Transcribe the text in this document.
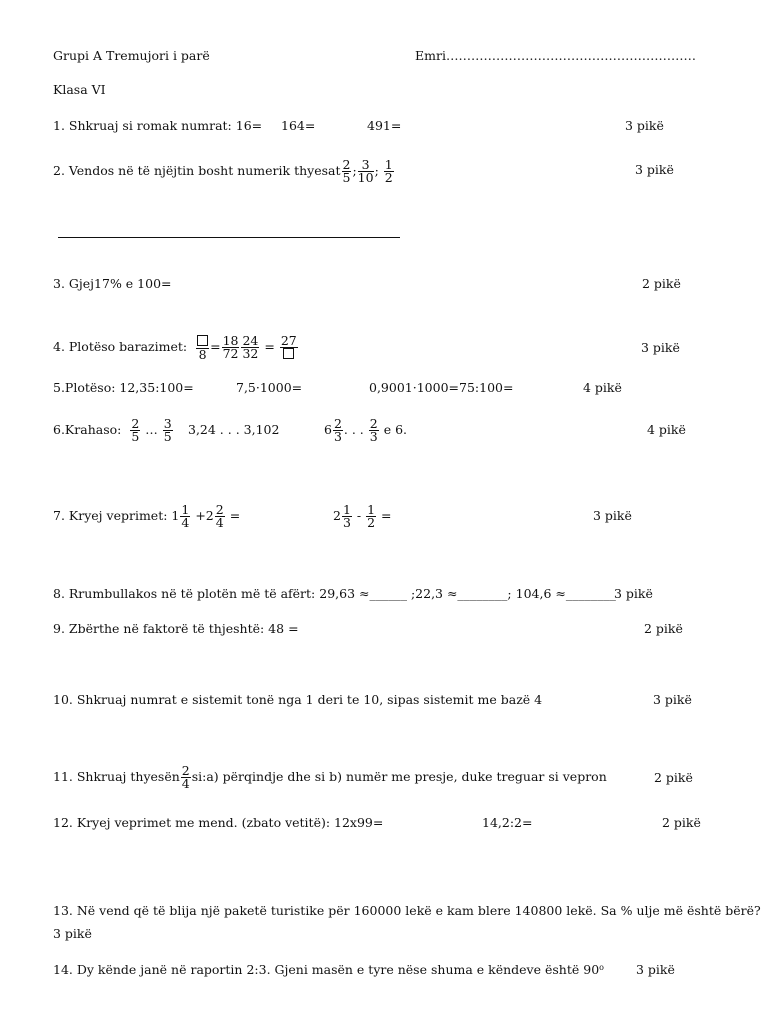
Grupi A Tremujori i parë	Emri……………………………………………………
Klasa VI
1. Shkruaj si romak numrat: 16= 164=	491=	3 pikë
2. Vendos në të njëjtin bosht numerik thyesat $\frac{2}{5}$ ; $\frac{3}{10}$ ; $\frac{1}{2}$	3 pikë
3. Gjej17% e 100=	2 pikë
4. Plotëso barazimet: $8 = \frac{18}{72} \frac{24}{32} = 27$	3 pikë
5.Plotëso: 12,35:100=	7,5·1000=	0,9001·1000=75:100=	4 pikë
6.Krahaso: $\frac{2}{5}$ … $\frac{3}{5} 3,24$ . . . 3,102	$6 \frac{2}{3}$ . . . $\frac{2}{3}$ e 6.	4 pikë
7. Kryej veprimet: $1 \frac{1}{4} +2 \frac{2}{4}$ =	$2 \frac{1}{3} - \frac{1}{2}$ =	3 pikë
8. Rrumbullakos në të plotën më të afërt: 29,63 ≈______ ;22,3 ≈________; 104,6 ≈________
3 pikë
9. Zbërthe në faktorë të thjeshtë: 48 =	2 pikë
10. Shkruaj numrat e sistemit tonë nga 1 deri te 10, sipas sistemit me bazë 4	3 pikë
11. Shkruaj thyesën $\frac{2}{4}$ si:a) përqindje dhe si b) numër me presje, duke treguar si vepron	2 pikë
12. Kryej veprimet me mend. (zbato vetitë): 12x99=	14,2:2=	2 pikë
13. Në vend që të blija një paketë turistike për 160000 lekë e kam blere 140800 lekë. Sa % ulje më është bërë?
3 pikë
14. Dy kënde janë në raportin 2:3. Gjeni masën e tyre nëse shuma e këndeve është 90$^o$	3 pikë
